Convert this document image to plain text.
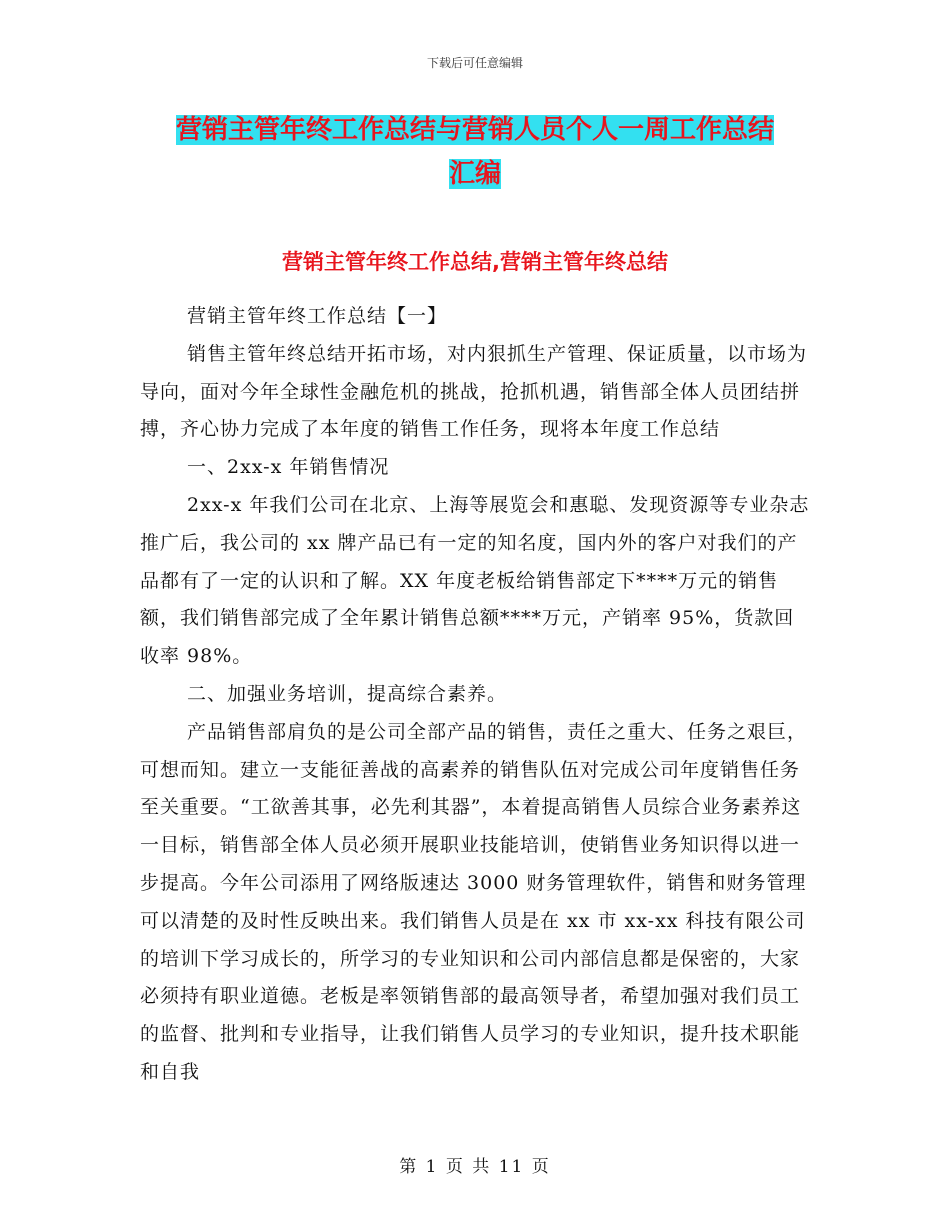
下载后可任意编辑
营销主管年终工作总结与营销人员个人一周工作总结
汇编
营销主管年终工作总结,营销主管年终总结

营销主管年终工作总结【一】

销售主管年终总结开拓市场，对内狠抓生产管理、保证质量，以市场为导向，面对今年全球性金融危机的挑战，抢抓机遇，销售部全体人员团结拼搏，齐心协力完成了本年度的销售工作任务，现将本年度工作总结

一、2xx-x 年销售情况

2xx-x 年我们公司在北京、上海等展览会和惠聪、发现资源等专业杂志推广后，我公司的 xx 牌产品已有一定的知名度，国内外的客户对我们的产品都有了一定的认识和了解。XX 年度老板给销售部定下****万元的销售额，我们销售部完成了全年累计销售总额****万元，产销率 95%，货款回收率 98%。

二、加强业务培训，提高综合素养。

产品销售部肩负的是公司全部产品的销售，责任之重大、任务之艰巨，可想而知。建立一支能征善战的高素养的销售队伍对完成公司年度销售任务至关重要。“工欲善其事，必先利其器”，本着提高销售人员综合业务素养这一目标，销售部全体人员必须开展职业技能培训，使销售业务知识得以进一步提高。今年公司添用了网络版速达 3000 财务管理软件，销售和财务管理可以清楚的及时性反映出来。我们销售人员是在 xx 市 xx-xx 科技有限公司的培训下学习成长的，所学习的专业知识和公司内部信息都是保密的，大家必须持有职业道德。老板是率领销售部的最高领导者，希望加强对我们员工的监督、批判和专业指导，让我们销售人员学习的专业知识，提升技术职能和自我

第 1 页 共 11 页
